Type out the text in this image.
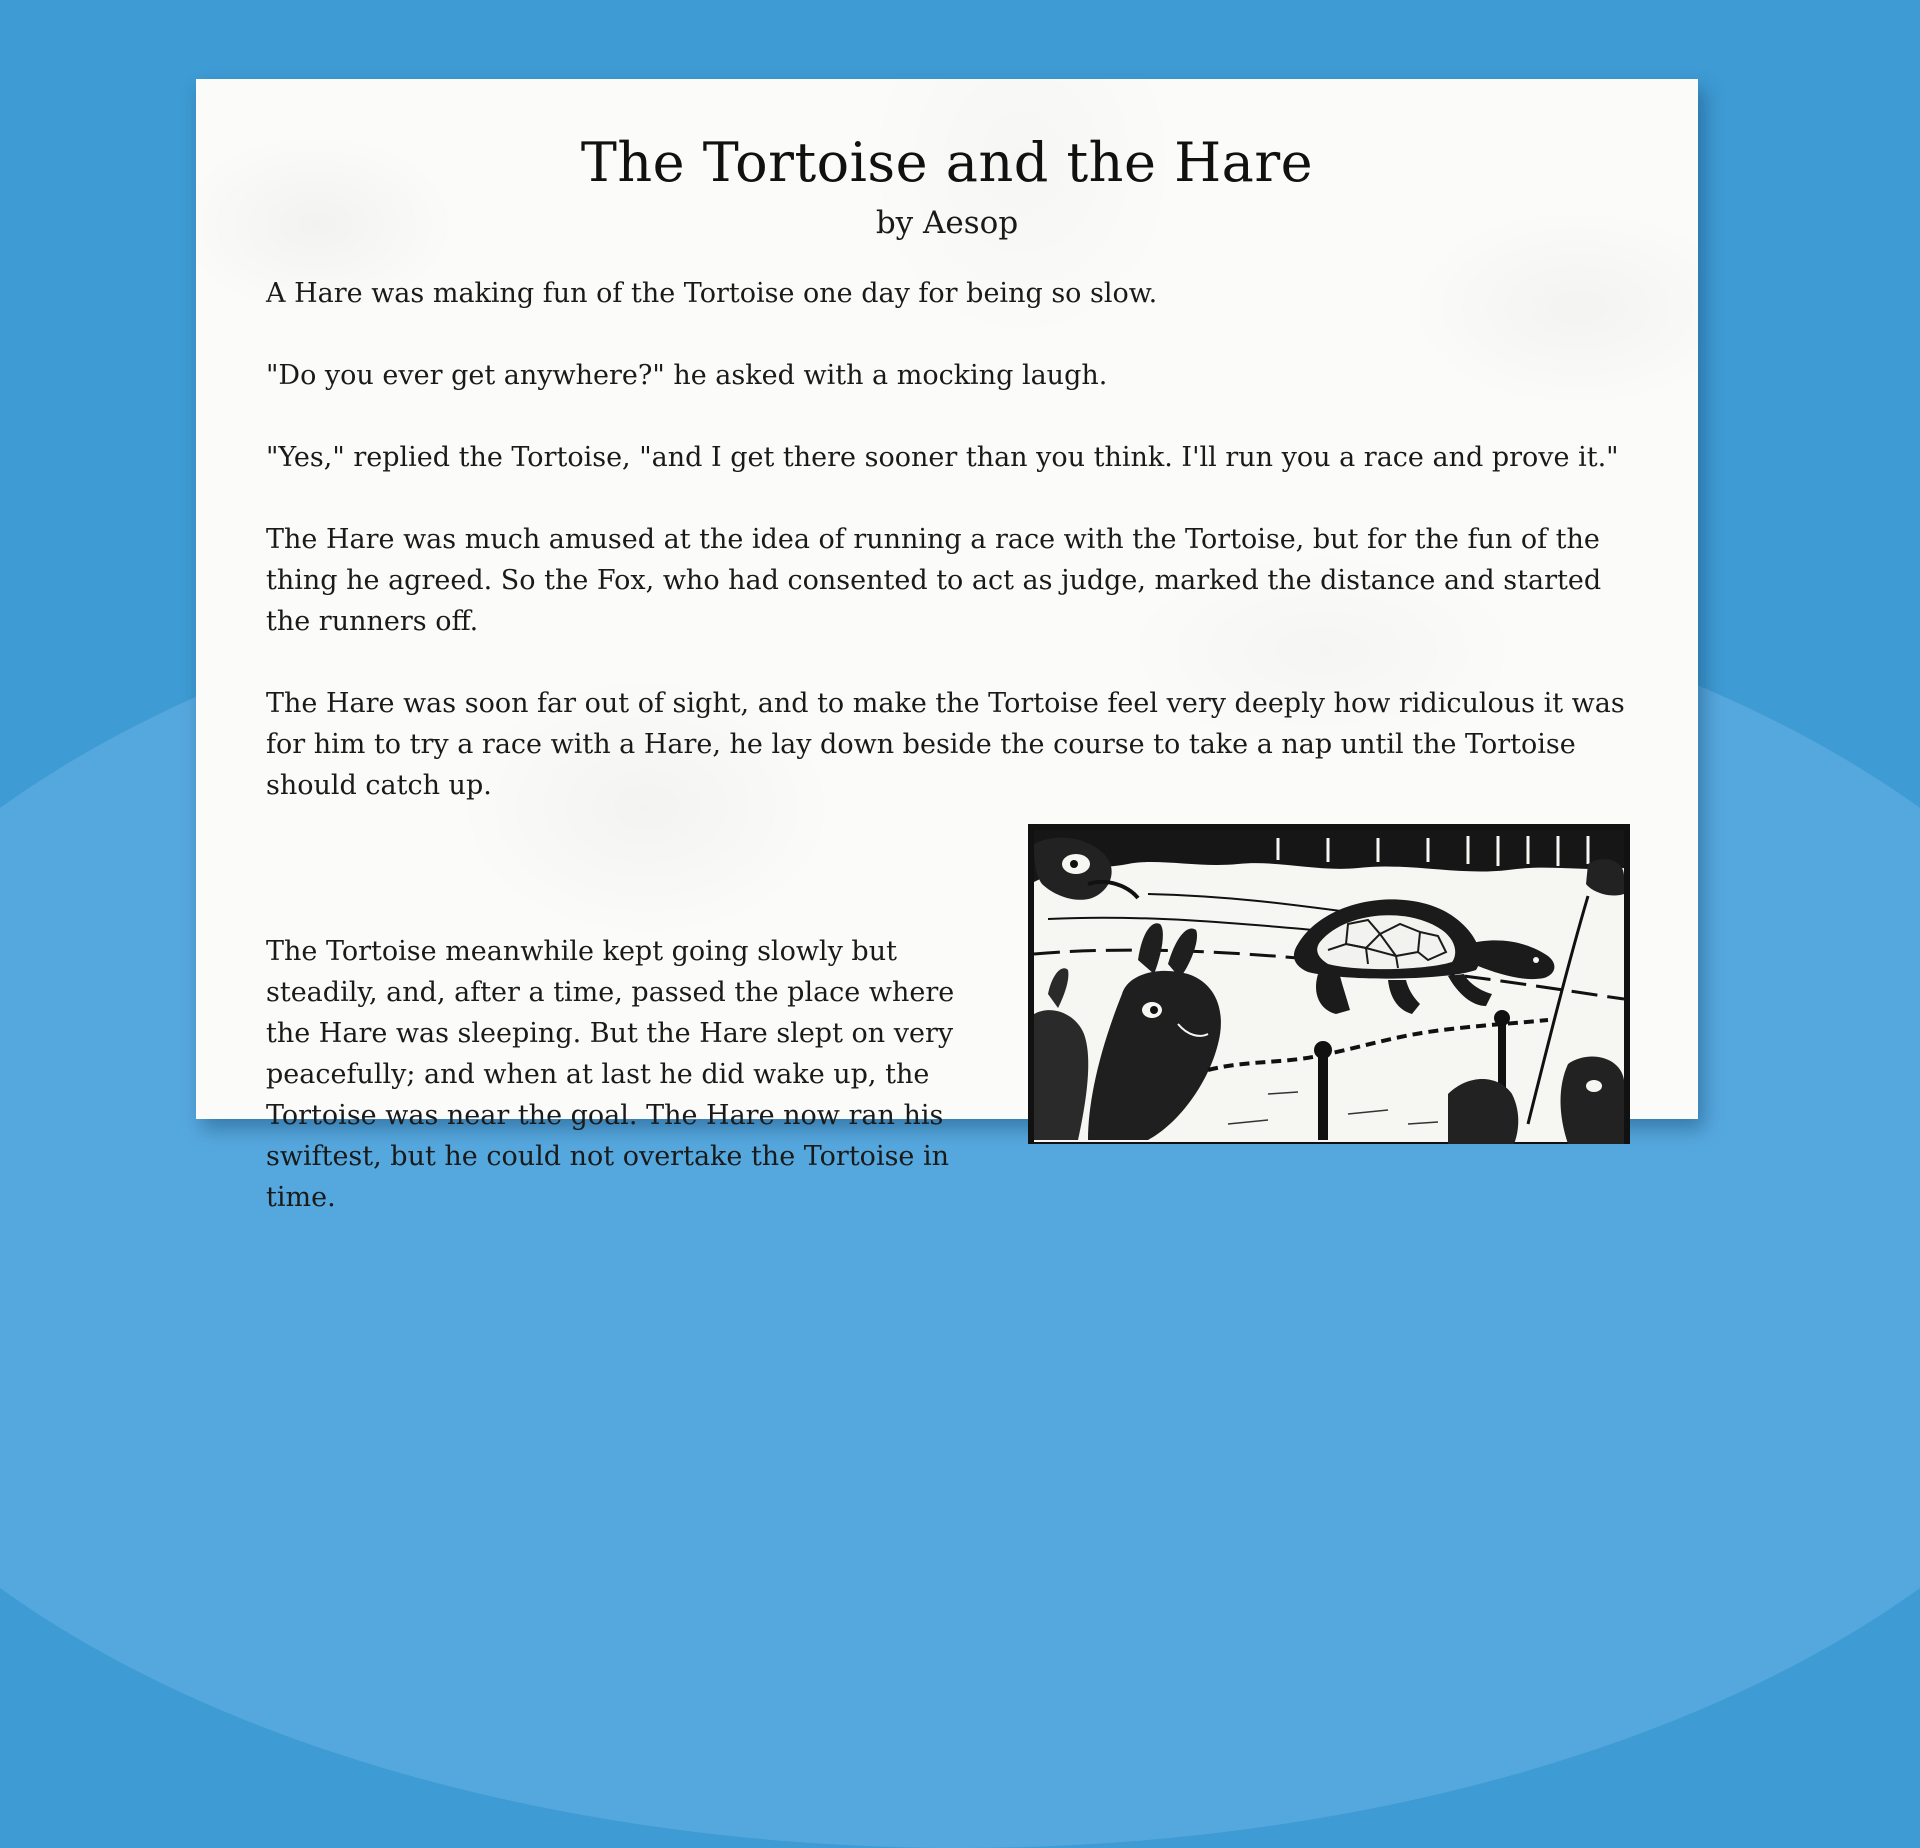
The Tortoise and the Hare
by Aesop

A Hare was making fun of the Tortoise one day for being so slow.

"Do you ever get anywhere?" he asked with a mocking laugh.

"Yes," replied the Tortoise, "and I get there sooner than you think. I'll run you a race and prove it."

The Hare was much amused at the idea of running a race with the Tortoise, but for the fun of the thing he agreed. So the Fox, who had consented to act as judge, marked the distance and started the runners off.

The Hare was soon far out of sight, and to make the Tortoise feel very deeply how ridiculous it was for him to try a race with a Hare, he lay down beside the course to take a nap until the Tortoise should catch up.

The Tortoise meanwhile kept going slowly but steadily, and, after a time, passed the place where the Hare was sleeping. But the Hare slept on very peacefully; and when at last he did wake up, the Tortoise was near the goal. The Hare now ran his swiftest, but he could not overtake the Tortoise in time.
